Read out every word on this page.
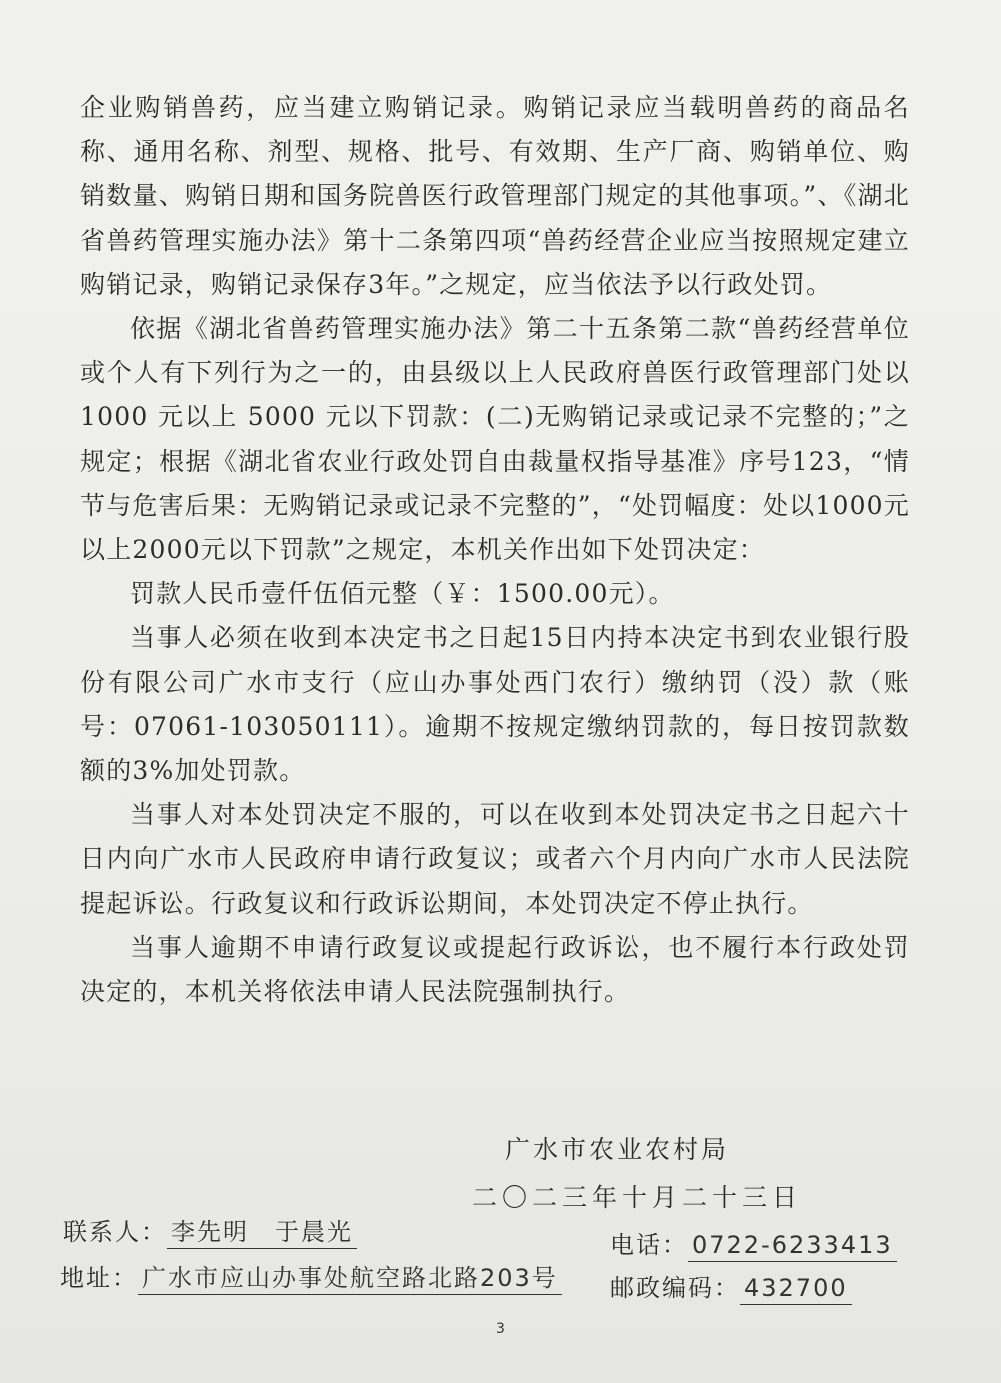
企业购销兽药，应当建立购销记录。购销记录应当载明兽药的商品名称、通用名称、剂型、规格、批号、有效期、生产厂商、购销单位、购销数量、购销日期和国务院兽医行政管理部门规定的其他事项。”、《湖北省兽药管理实施办法》第十二条第四项“兽药经营企业应当按照规定建立购销记录，购销记录保存3年。”之规定，应当依法予以行政处罚。

依据《湖北省兽药管理实施办法》第二十五条第二款“兽药经营单位或个人有下列行为之一的，由县级以上人民政府兽医行政管理部门处以1000 元以上 5000 元以下罚款：(二)无购销记录或记录不完整的；”之规定；根据《湖北省农业行政处罚自由裁量权指导基准》序号123，“情节与危害后果：无购销记录或记录不完整的”，“处罚幅度：处以1000元以上2000元以下罚款”之规定，本机关作出如下处罚决定：

罚款人民币壹仟伍佰元整（￥：1500.00元）。

当事人必须在收到本决定书之日起15日内持本决定书到农业银行股份有限公司广水市支行（应山办事处西门农行）缴纳罚（没）款（账号：07061-103050111）。逾期不按规定缴纳罚款的，每日按罚款数额的3%加处罚款。

当事人对本处罚决定不服的，可以在收到本处罚决定书之日起六十日内向广水市人民政府申请行政复议；或者六个月内向广水市人民法院提起诉讼。行政复议和行政诉讼期间，本处罚决定不停止执行。

当事人逾期不申请行政复议或提起行政诉讼，也不履行本行政处罚决定的，本机关将依法申请人民法院强制执行。

广水市农业农村局
二〇二三年十月二十三日
联系人： 李先明　于晨光
地址： 广水市应山办事处航空路北路203号
电话： 0722-6233413
邮政编码： 432700
3
